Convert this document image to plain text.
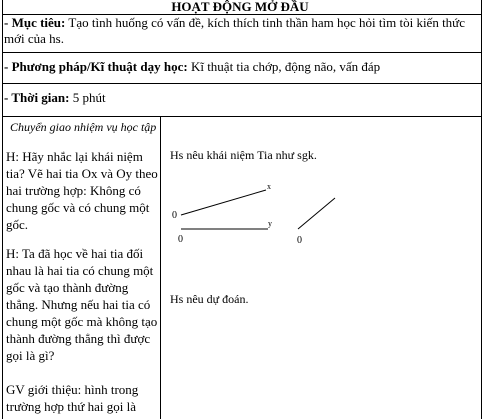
HOẠT ĐỘNG MỞ ĐẦU
- Mục tiêu: Tạo tình huống có vấn đề, kích thích tinh thần ham học hỏi tìm tòi kiến thức mới của hs.
- Phương pháp/Kĩ thuật dạy học: Kĩ thuật tia chớp, động não, vấn đáp
- Thời gian: 5 phút
Chuyển giao nhiệm vụ học tập
H: Hãy nhắc lại khái niệm tia? Vẽ hai tia Ox và Oy theo hai trường hợp: Không có chung gốc và có chung một gốc.
H: Ta đã học về hai tia đối nhau là hai tia có chung một gốc và tạo thành đường thẳng. Nhưng nếu hai tia có chung một gốc mà không tạo thành đường thẳng thì được gọi là gì?
GV giới thiệu: hình trong trường hợp thứ hai gọi là
Hs nêu khái niệm Tia như sgk.
Hs nêu dự đoán.
0
0
x
y
0
